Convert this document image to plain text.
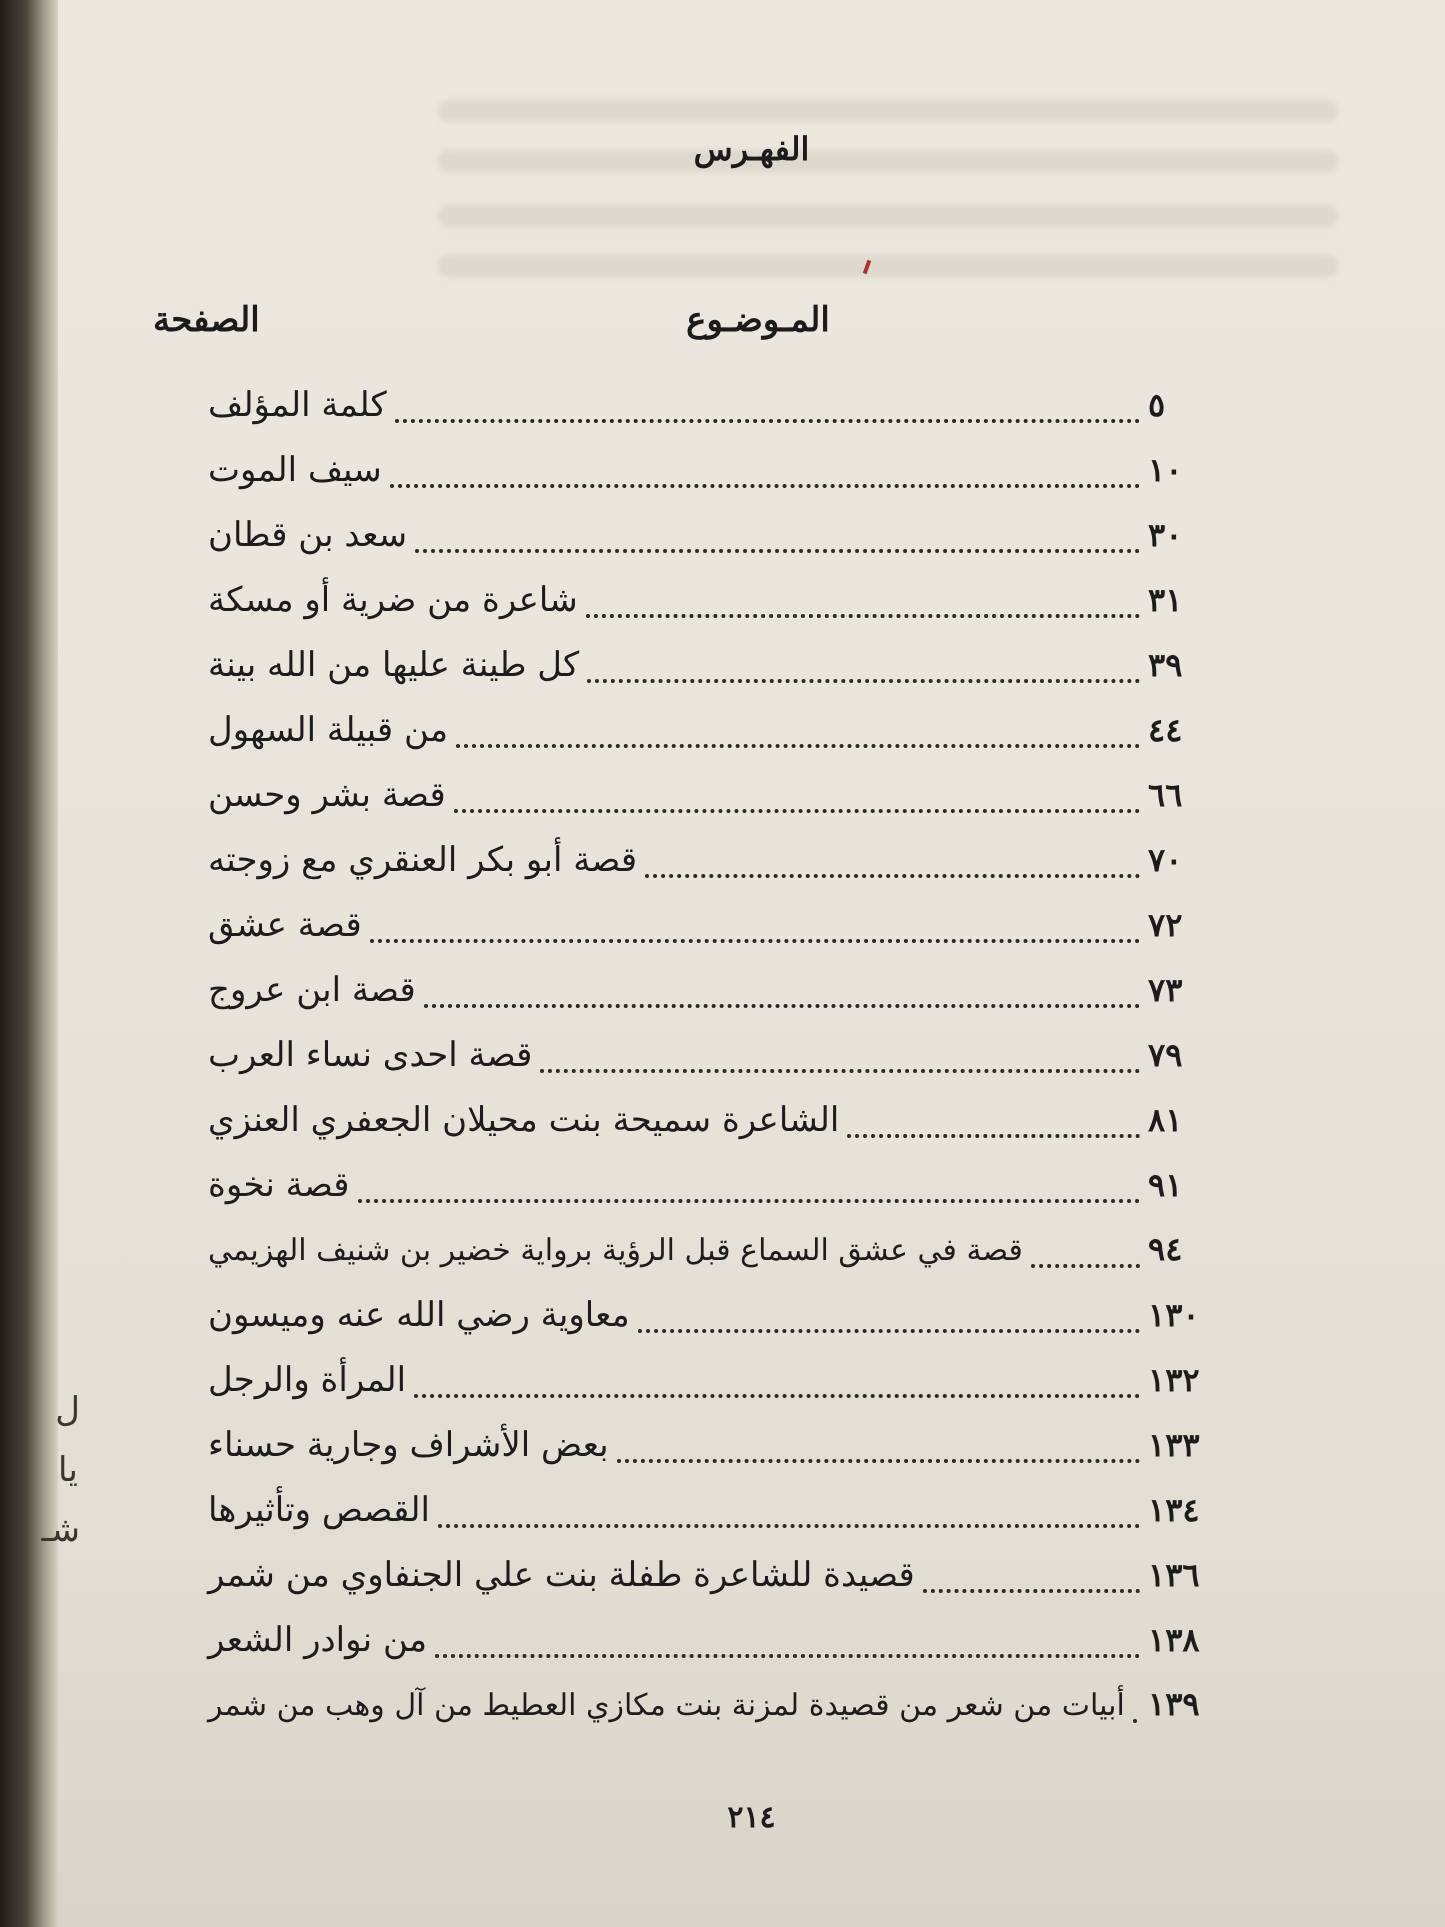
ل
يا
شـ
الفهـرس
المـوضـوع
الصفحة
كلمة المؤلف	٥
سيف الموت	١٠
سعد بن قطان	٣٠
شاعرة من ضرية أو مسكة	٣١
كل طينة عليها من الله بينة	٣٩
من قبيلة السهول	٤٤
قصة بشر وحسن	٦٦
قصة أبو بكر العنقري مع زوجته	٧٠
قصة عشق	٧٢
قصة ابن عروج	٧٣
قصة احدى نساء العرب	٧٩
الشاعرة سميحة بنت محيلان الجعفري العنزي	٨١
قصة نخوة	٩١
قصة في عشق السماع قبل الرؤية برواية خضير بن شنيف الهزيمي	٩٤
معاوية رضي الله عنه وميسون	١٣٠
المرأة والرجل	١٣٢
بعض الأشراف وجارية حسناء	١٣٣
القصص وتأثيرها	١٣٤
قصيدة للشاعرة طفلة بنت علي الجنفاوي من شمر	١٣٦
من نوادر الشعر	١٣٨
أبيات من شعر من قصيدة لمزنة بنت مكازي العطيط من آل وهب من شمر ١٣٩
٢١٤
